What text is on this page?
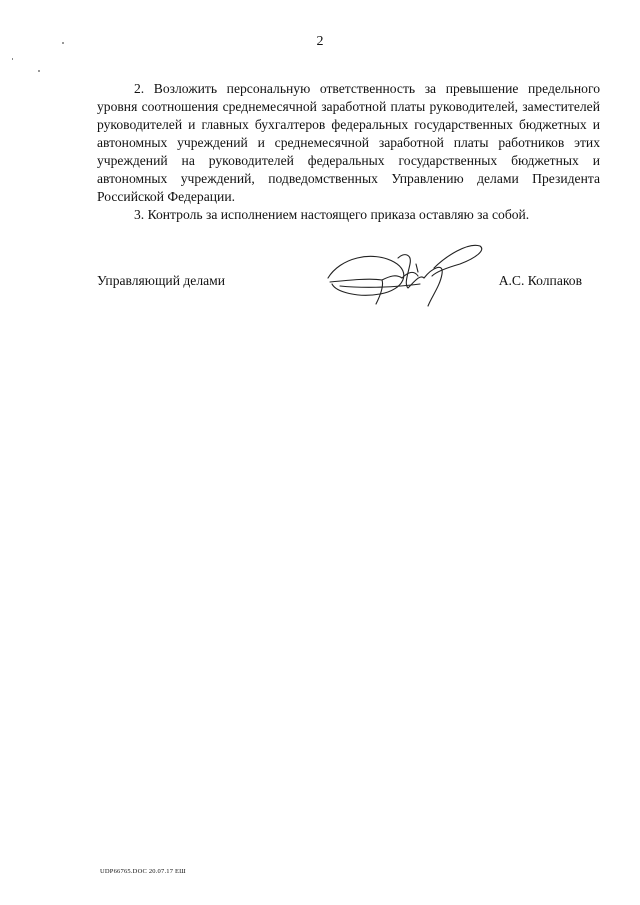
2

2. Возложить персональную ответственность за превышение предельного уровня соотношения среднемесячной заработной платы руководителей, заместителей руководителей и главных бухгалтеров федеральных государственных бюджетных и автономных учреждений и среднемесячной заработной платы работников этих учреждений на руководителей федеральных государственных бюджетных и автономных учреждений, подведомственных Управлению делами Президента Российской Федерации.

3. Контроль за исполнением настоящего приказа оставляю за собой.

Управляющий делами	А.С. Колпаков
UDP66765.DOC 20.07.17 ЕШ
